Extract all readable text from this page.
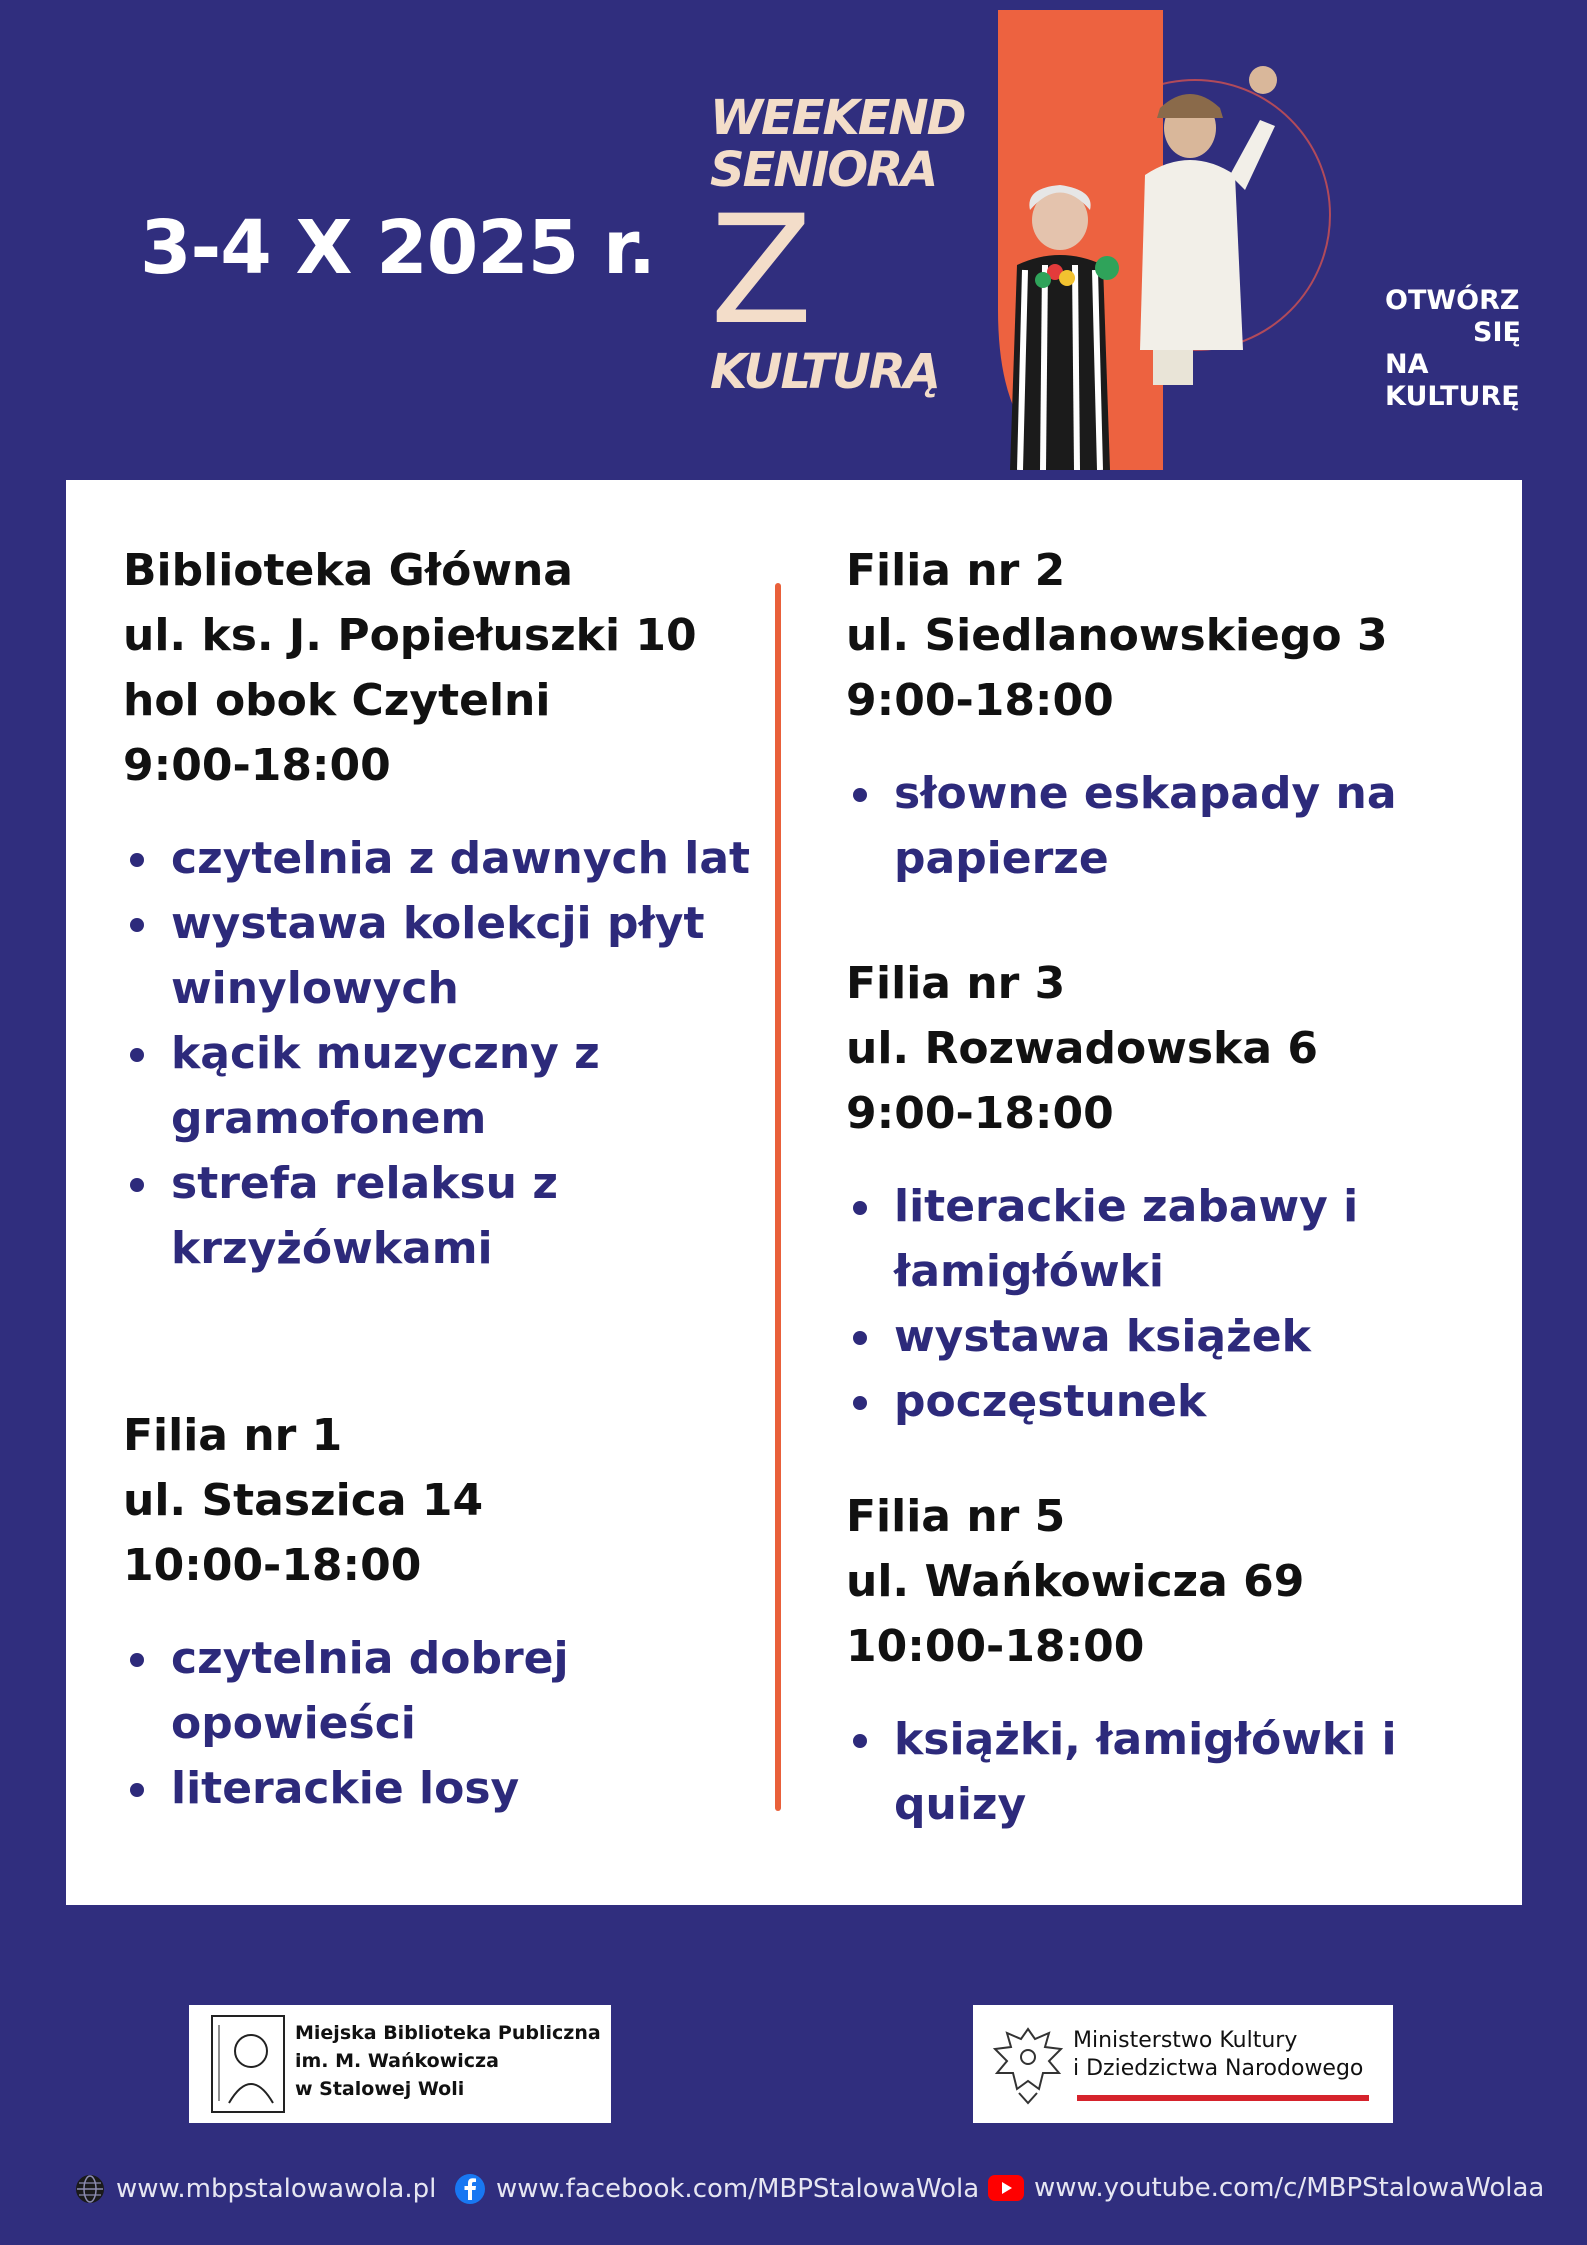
3-4 X 2025 r.
WEEKEND
SENIORA
Z
KULTURĄ
OTWÓRZ
SIĘ
NA
KULTURĘ
Biblioteka Główna
ul. ks. J. Popiełuszki 10
hol obok Czytelni
9:00-18:00
czytelnia z dawnych lat
wystawa kolekcji płyt winylowych
kącik muzyczny z gramofonem
strefa relaksu z krzyżówkami
Filia nr 1
ul. Staszica 14
10:00-18:00
czytelnia dobrej opowieści
literackie losy
Filia nr 2
ul. Siedlanowskiego 3
9:00-18:00
słowne eskapady na papierze
Filia nr 3
ul. Rozwadowska 6
9:00-18:00
literackie zabawy i łamigłówki
wystawa książek
poczęstunek
Filia nr 5
ul. Wańkowicza 69
10:00-18:00
książki, łamigłówki i quizy
Miejska Biblioteka Publiczna
im. M. Wańkowicza
w Stalowej Woli
Ministerstwo Kultury
i Dziedzictwa Narodowego
www.mbpstalowawola.pl www.facebook.com/MBPStalowaWola www.youtube.com/c/MBPStalowaWolaa
